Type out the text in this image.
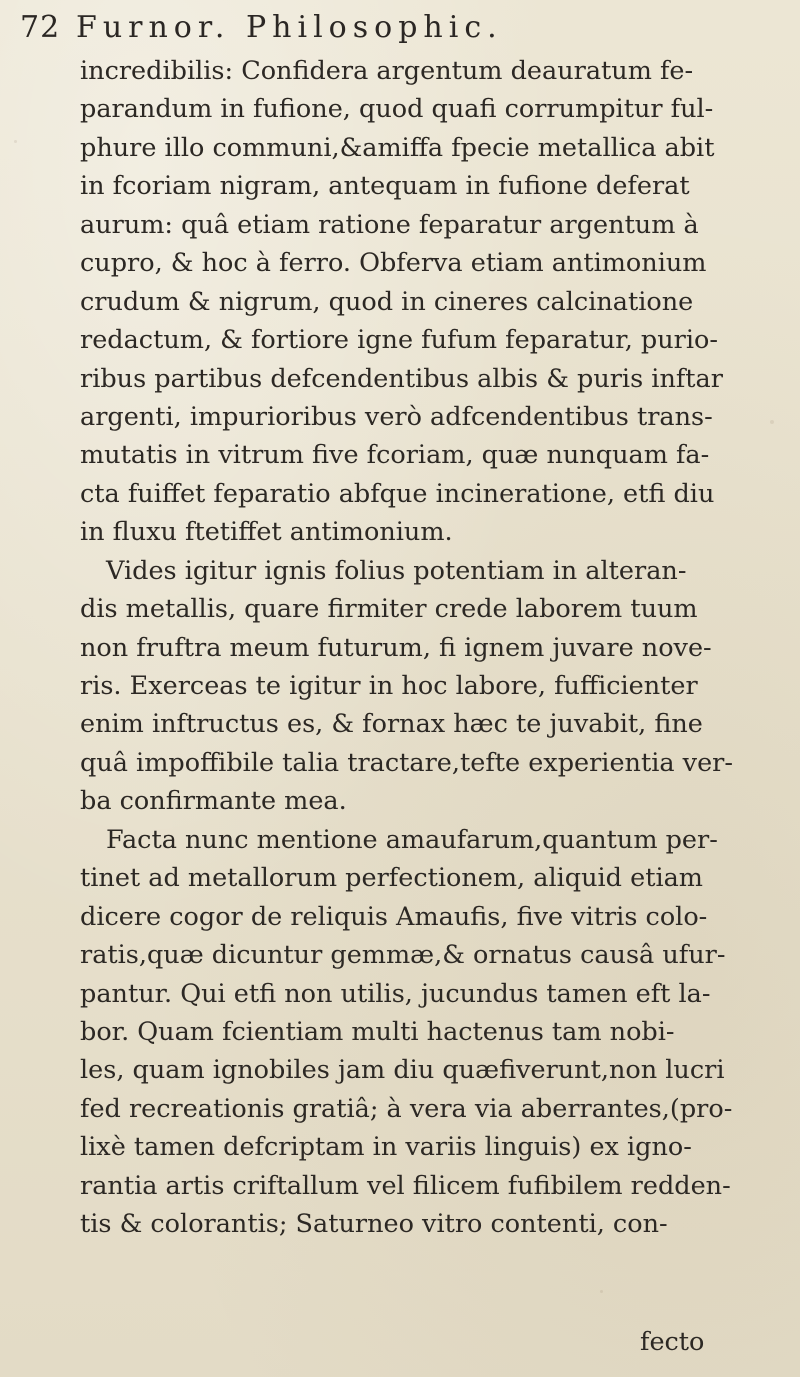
72 Furnor. Philosophic.
incredibilis: Confidera argentum deauratum fe-
parandum in fufione, quod quafi corrumpitur ful-
phure illo communi,&amiffa fpecie metallica abit
in fcoriam nigram, antequam in fufione deferat
aurum: quâ etiam ratione feparatur argentum à
cupro, & hoc à ferro. Obferva etiam antimonium
crudum & nigrum, quod in cineres calcinatione
redactum, & fortiore igne fufum feparatur, purio-
ribus partibus defcendentibus albis & puris inftar
argenti, impurioribus verò adfcendentibus trans-
mutatis in vitrum five fcoriam, quæ nunquam fa-
cta fuiffet feparatio abfque incineratione, etfi diu
in fluxu ftetiffet antimonium.
Vides igitur ignis folius potentiam in alteran-
dis metallis, quare firmiter crede laborem tuum
non fruftra meum futurum, fi ignem juvare nove-
ris. Exerceas te igitur in hoc labore, fufficienter
enim inftructus es, & fornax hæc te juvabit, fine
quâ impoffibile talia tractare,tefte experientia ver-
ba confirmante mea.
Facta nunc mentione amaufarum,quantum per-
tinet ad metallorum perfectionem, aliquid etiam
dicere cogor de reliquis Amaufis, five vitris colo-
ratis,quæ dicuntur gemmæ,& ornatus causâ ufur-
pantur. Qui etfi non utilis, jucundus tamen eft la-
bor. Quam fcientiam multi hactenus tam nobi-
les, quam ignobiles jam diu quæfiverunt,non lucri
fed recreationis gratiâ; à vera via aberrantes,(pro-
lixè tamen defcriptam in variis linguis) ex igno-
rantia artis criftallum vel filicem fufibilem redden-
tis & colorantis; Saturneo vitro contenti, con-
fecto
